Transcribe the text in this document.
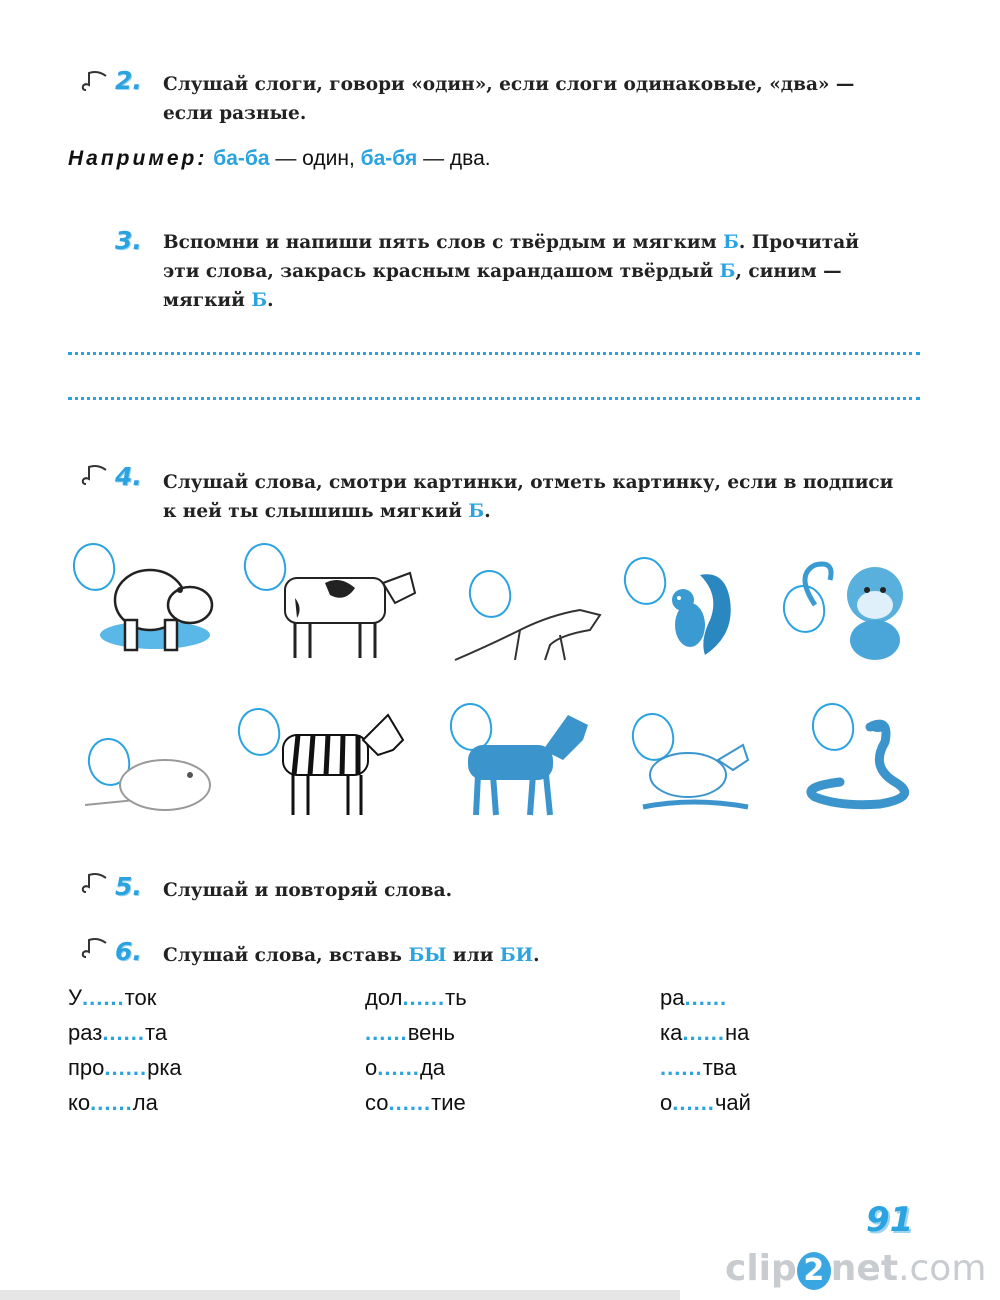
2. Слушай слоги, говори «один», если слоги одинаковые, «два» —
если разные.
Например: ба-ба — один, ба-бя — два.
3. Вспомни и напиши пять слов с твёрдым и мягким Б. Прочитай
эти слова, закрась красным карандашом твёрдый Б, синим —
мягкий Б.
4. Слушай слова, смотри картинки, отметь картинку, если в подписи
к ней ты слышишь мягкий Б.
5. Слушай и повторяй слова.
6. Слушай слова, вставь БЫ или БИ.
У......ток
раз......та
про......рка
ко......ла
дол......ть
......вень
о......да
со......тие
ра......
ка......на
......тва
о......чай
91
clip 2 net.com
